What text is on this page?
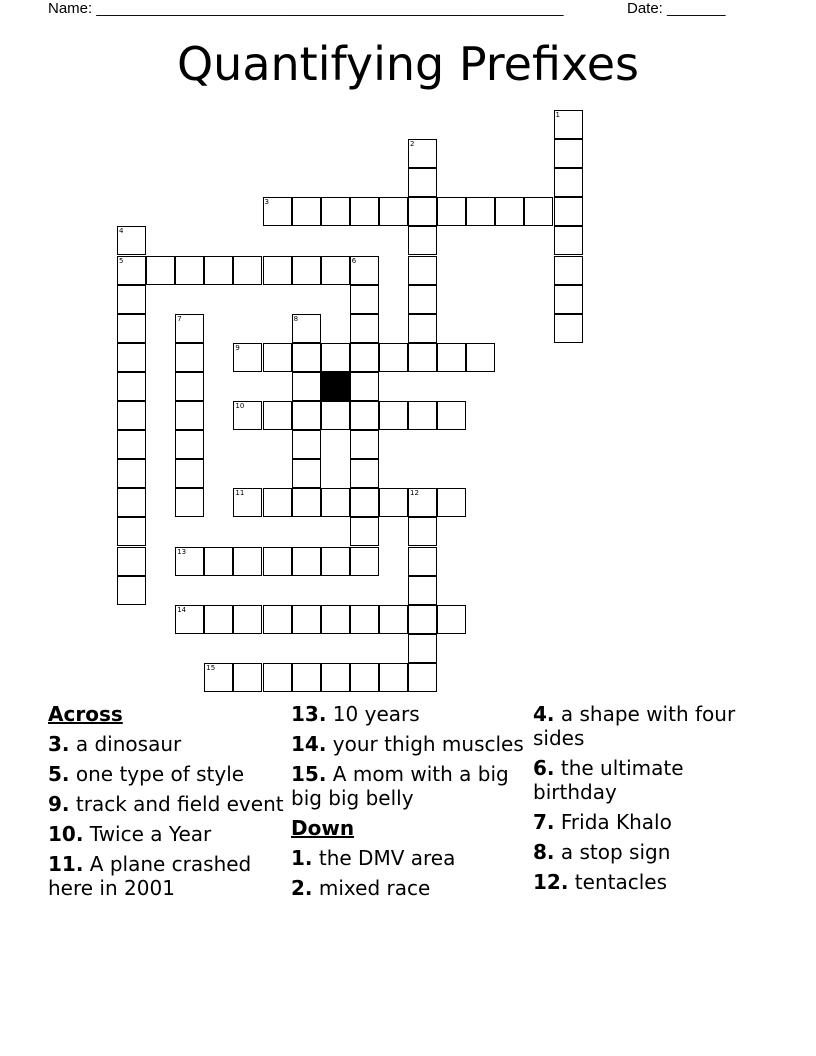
Name: ________________________________________________________	Date: _______
Quantifying Prefixes
1
2
3
4
5	6
7	8
9
10
11	12
13
14
15
Across
3. a dinosaur
5. one type of style
9. track and field event
10. Twice a Year
11. A plane crashed here in 2001
13. 10 years
14. your thigh muscles
15. A mom with a big big big belly
Down
1. the DMV area
2. mixed race
4. a shape with four sides
6. the ultimate birthday
7. Frida Khalo
8. a stop sign
12. tentacles
